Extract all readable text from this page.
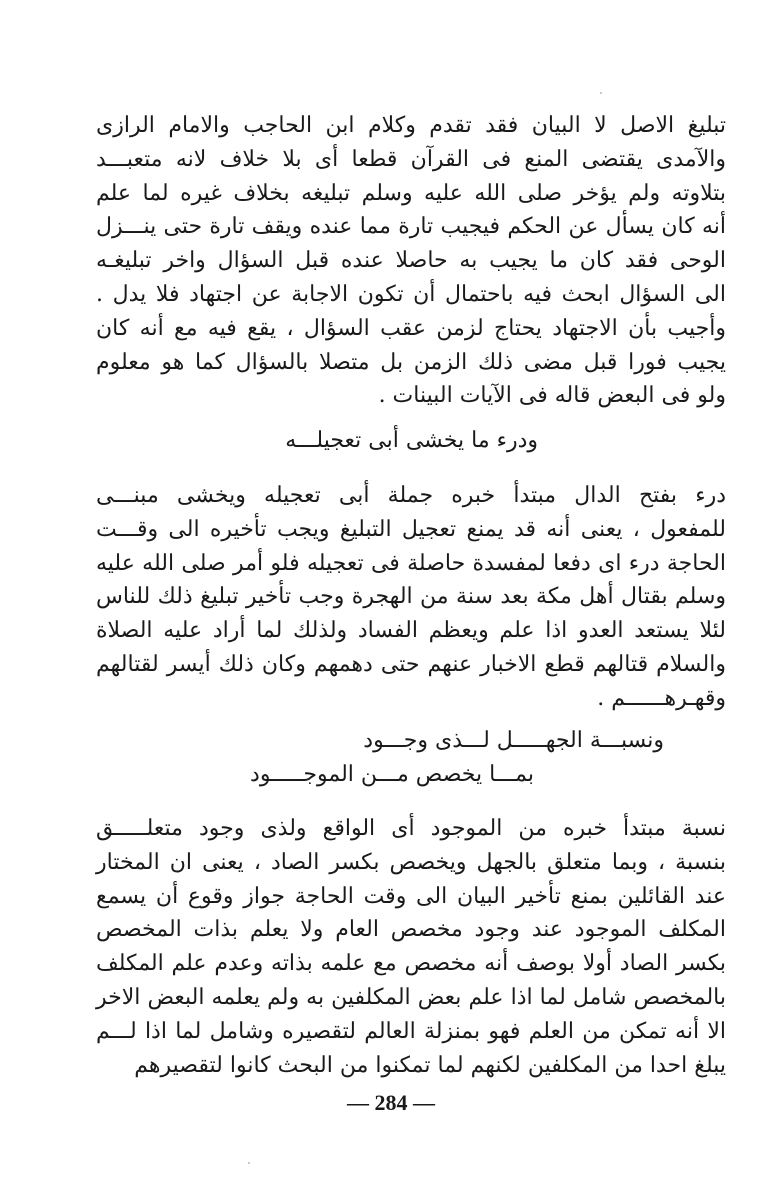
تبليغ الاصل لا البيان فقد تقدم وكلام ابن الحاجب والامام الرازى

والآمدى يقتضى المنع فى القرآن قطعا أى بلا خلاف لانه متعبـــد

بتلاوته ولم يؤخر صلى الله عليه وسلم تبليغه بخلاف غيره لما علم

أنه كان يسأل عن الحكم فيجيب تارة مما عنده ويقف تارة حتى ينـــزل

الوحى فقد كان ما يجيب به حاصلا عنده قبل السؤال واخر تبليغـه

الى السؤال ابحث فيه باحتمال أن تكون الاجابة عن اجتهاد فلا يدل .

وأجيب بأن الاجتهاد يحتاج لزمن عقب السؤال ، يقع فيه مع أنه كان

يجيب فورا قبل مضى ذلك الزمن بل متصلا بالسؤال كما هو معلوم

ولو فى البعض قاله فى الآيات البينات .

ودرء ما يخشى أبى تعجيلـــه

درء بفتح الدال مبتدأ خبره جملة أبى تعجيله ويخشى مبنـــى

للمفعول ، يعنى أنه قد يمنع تعجيل التبليغ ويجب تأخيره الى وقـــت

الحاجة درء اى دفعا لمفسدة حاصلة فى تعجيله فلو أمر صلى الله عليه

وسلم بقتال أهل مكة بعد سنة من الهجرة وجب تأخير تبليغ ذلك للناس

لئلا يستعد العدو اذا علم ويعظم الفساد ولذلك لما أراد عليه الصلاة

والسلام قتالهم قطع الاخبار عنهم حتى دهمهم وكان ذلك أيسر لقتالهم

وقهـرهــــــم .

ونسبـــة الجهـــــل لـــذى وجـــود
بمـــا يخصص مـــن الموجـــــود

نسبة مبتدأ خبره من الموجود أى الواقع ولذى وجود متعلـــــق

بنسبة ، وبما متعلق بالجهل ويخصص بكسر الصاد ، يعنى ان المختار

عند القائلين بمنع تأخير البيان الى وقت الحاجة جواز وقوع أن يسمع

المكلف الموجود عند وجود مخصص العام ولا يعلم بذات المخصص

بكسر الصاد أولا بوصف أنه مخصص مع علمه بذاته وعدم علم المكلف

بالمخصص شامل لما اذا علم بعض المكلفين به ولم يعلمه البعض الاخر

الا أنه تمكن من العلم فهو بمنزلة العالم لتقصيره وشامل لما اذا لـــم

يبلغ احدا من المكلفين لكنهم لما تمكنوا من البحث كانوا لتقصيرهم

— 284 —
